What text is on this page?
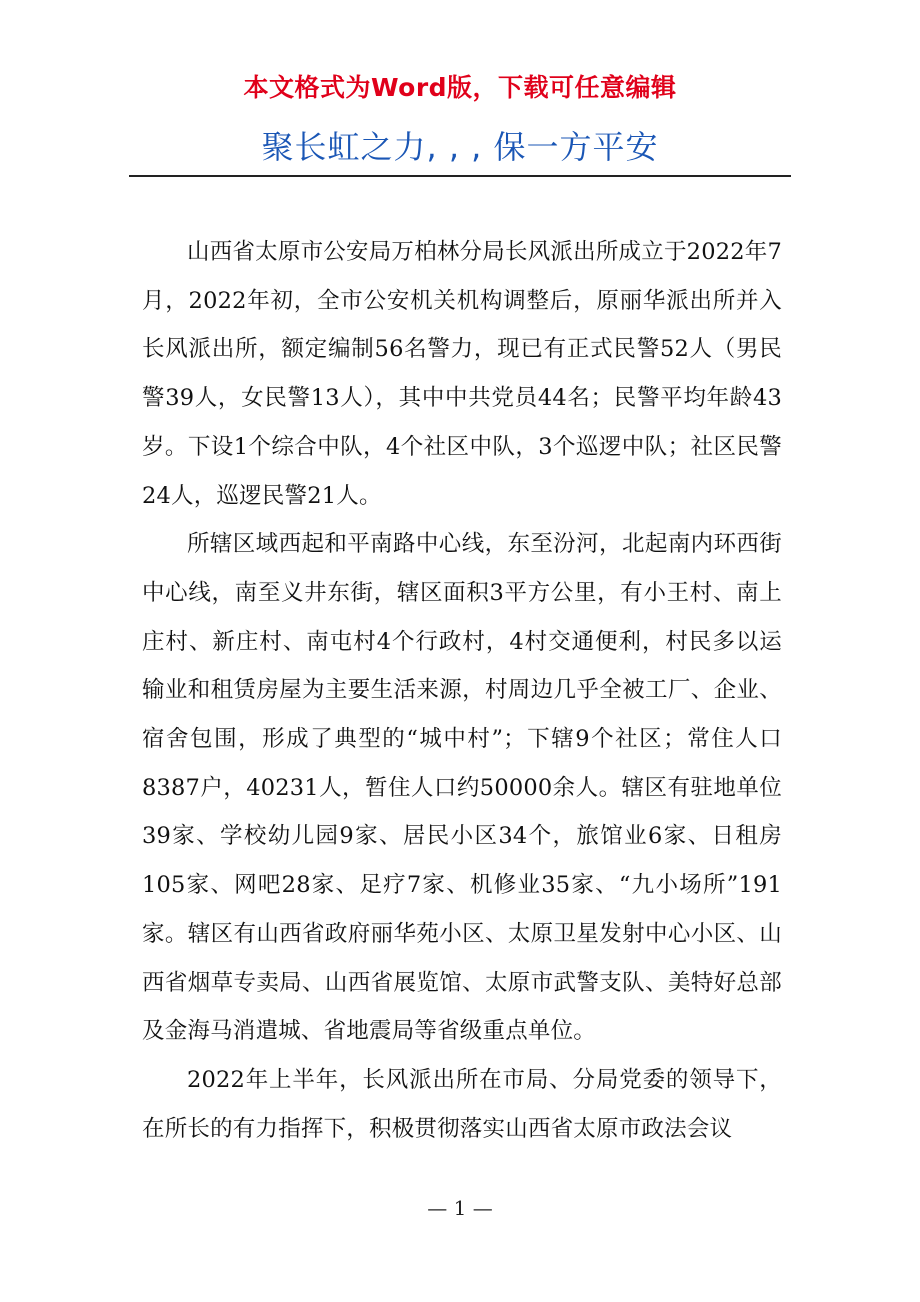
本文格式为Word版，下载可任意编辑
聚长虹之力, , , 保一方平安

山西省太原市公安局万柏林分局长风派出所成立于2022年7月，2022年初，全市公安机关机构调整后，原丽华派出所并入长风派出所，额定编制56名警力，现已有正式民警52人（男民警39人，女民警13人），其中中共党员44名；民警平均年龄43岁。下设1个综合中队，4个社区中队，3个巡逻中队；社区民警24人，巡逻民警21人。

所辖区域西起和平南路中心线，东至汾河，北起南内环西街中心线，南至义井东街，辖区面积3平方公里，有小王村、南上庄村、新庄村、南屯村4个行政村，4村交通便利，村民多以运输业和租赁房屋为主要生活来源，村周边几乎全被工厂、企业、宿舍包围，形成了典型的“城中村”；下辖9个社区；常住人口8387户，40231人，暂住人口约50000余人。辖区有驻地单位39家、学校幼儿园9家、居民小区34个，旅馆业6家、日租房105家、网吧28家、足疗7家、机修业35家、“九小场所”191家。辖区有山西省政府丽华苑小区、太原卫星发射中心小区、山西省烟草专卖局、山西省展览馆、太原市武警支队、美特好总部及金海马消遣城、省地震局等省级重点单位。

2022年上半年，长风派出所在市局、分局党委的领导下，在所长的有力指挥下，积极贯彻落实山西省太原市政法会议

— 1 —
